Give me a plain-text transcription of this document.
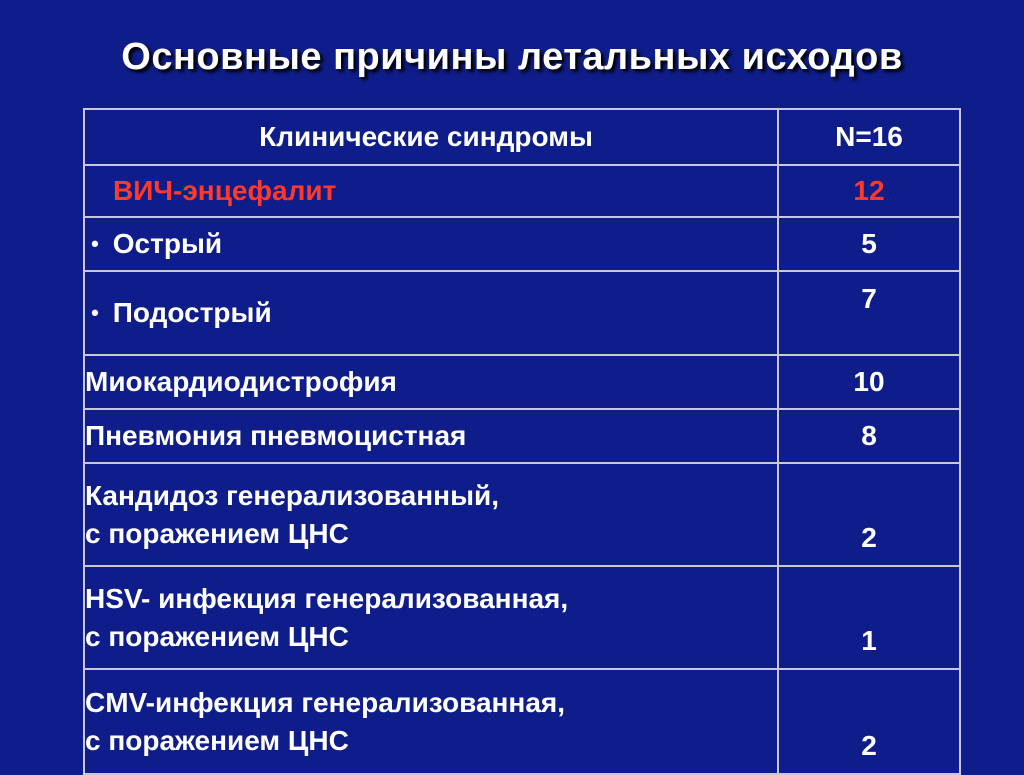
Основные причины летальных исходов
Клинические синдромы	N=16
ВИЧ-энцефалит	12
• Острый	5
• Подострый	7
Миокардиодистрофия	10
Пневмония пневмоцистная	8

Кандидоз генерализованный,
с поражением ЦНС	2

HSV- инфекция генерализованная,
с поражением ЦНС	1

CMV-инфекция генерализованная,
с поражением ЦНС	2
